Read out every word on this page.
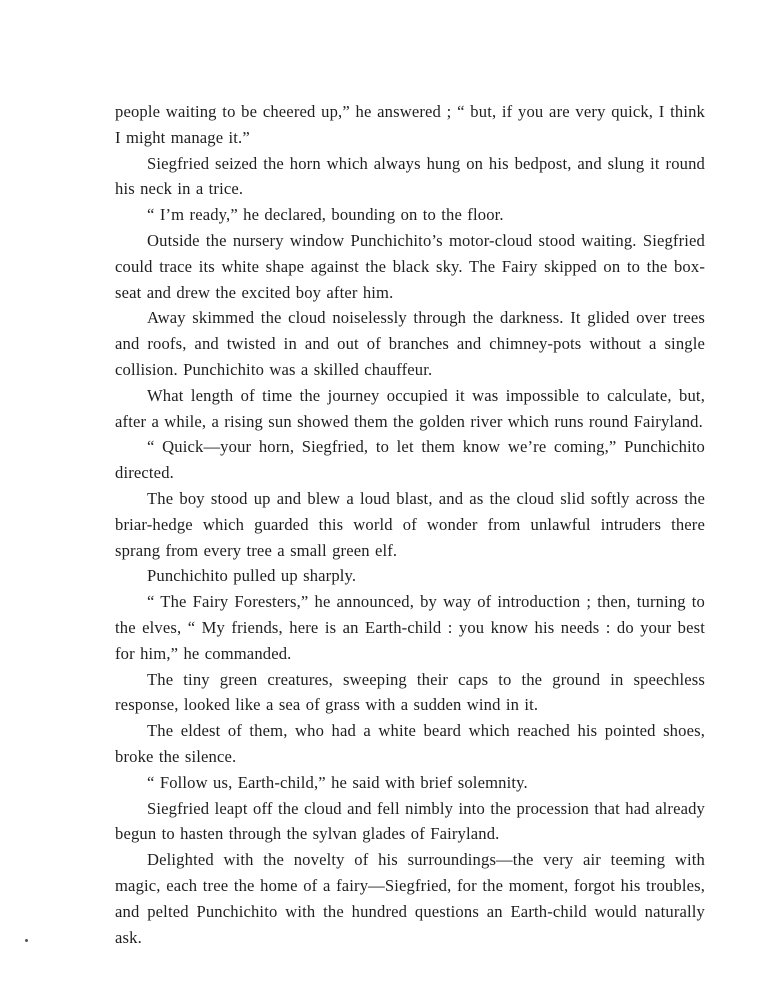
people waiting to be cheered up,” he answered ; “ but, if you are very quick, I think I might manage it.”

Siegfried seized the horn which always hung on his bedpost, and slung it round his neck in a trice.

“ I’m ready,” he declared, bounding on to the floor.

Outside the nursery window Punchichito’s motor-cloud stood waiting. Siegfried could trace its white shape against the black sky. The Fairy skipped on to the box-seat and drew the excited boy after him.

Away skimmed the cloud noiselessly through the darkness. It glided over trees and roofs, and twisted in and out of branches and chimney-pots without a single collision. Punchichito was a skilled chauffeur.

What length of time the journey occupied it was impossible to calculate, but, after a while, a rising sun showed them the golden river which runs round Fairyland.

“ Quick—your horn, Siegfried, to let them know we’re coming,” Punchichito directed.

The boy stood up and blew a loud blast, and as the cloud slid softly across the briar-hedge which guarded this world of wonder from unlawful intruders there sprang from every tree a small green elf.

Punchichito pulled up sharply.

“ The Fairy Foresters,” he announced, by way of introduction ; then, turning to the elves, “ My friends, here is an Earth-child : you know his needs : do your best for him,” he commanded.

The tiny green creatures, sweeping their caps to the ground in speechless response, looked like a sea of grass with a sudden wind in it.

The eldest of them, who had a white beard which reached his pointed shoes, broke the silence.

“ Follow us, Earth-child,” he said with brief solemnity.

Siegfried leapt off the cloud and fell nimbly into the procession that had already begun to hasten through the sylvan glades of Fairyland.

Delighted with the novelty of his surroundings—the very air teeming with magic, each tree the home of a fairy—Siegfried, for the moment, forgot his troubles, and pelted Punchichito with the hundred questions an Earth-child would naturally ask.
